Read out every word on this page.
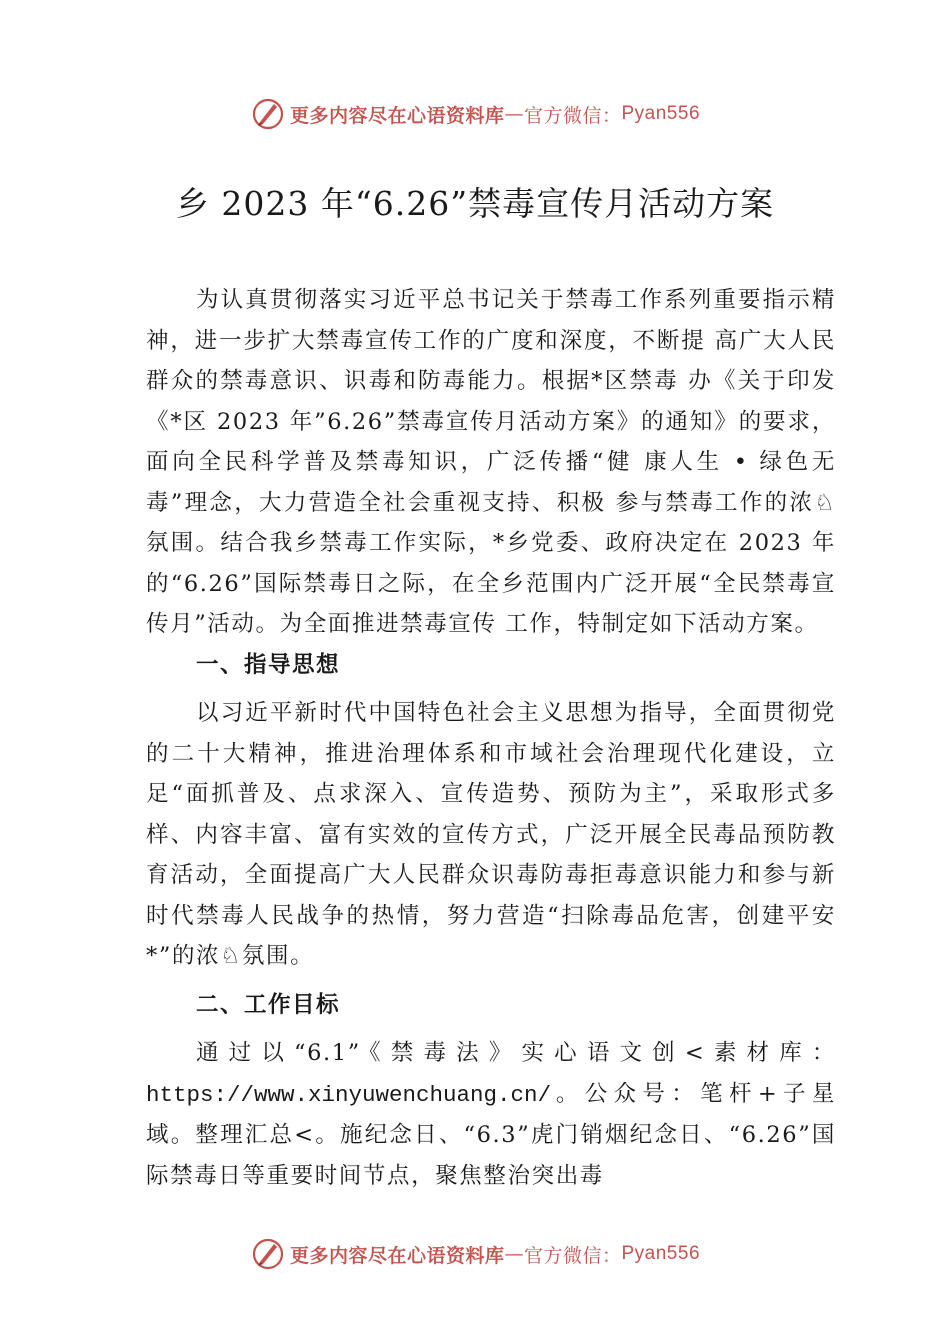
更多内容尽在心语资料库 — 官方微信： Pyan556
乡 2023 年“6.26”禁毒宣传月活动方案

为认真贯彻落实习近平总书记关于禁毒工作系列重要指示精神，进一步扩大禁毒宣传工作的广度和深度，不断提 高广大人民群众的禁毒意识、识毒和防毒能力。根据*区禁毒 办《关于印发《*区 2023 年”6.26”禁毒宣传月活动方案》的通知》的要求，面向全民科学普及禁毒知识，广泛传播“健 康人生 • 绿色无毒”理念，大力营造全社会重视支持、积极 参与禁毒工作的浓♘氛围。结合我乡禁毒工作实际，*乡党委、政府决定在 2023 年的“6.26”国际禁毒日之际，在全乡范围内广泛开展“全民禁毒宣传月”活动。为全面推进禁毒宣传 工作，特制定如下活动方案。

一、指导思想

以习近平新时代中国特色社会主义思想为指导，全面贯彻党的二十大精神，推进治理体系和市域社会治理现代化建设，立足“面抓普及、点求深入、宣传造势、预防为主”，采取形式多样、内容丰富、富有实效的宣传方式，广泛开展全民毒品预防教育活动，全面提高广大人民群众识毒防毒拒毒意识能力和参与新时代禁毒人民战争的热情，努力营造“扫除毒品危害，创建平安*”的浓♘氛围。

二、工作目标

通过以“6.1”《禁毒法》实心语文创<素材库：https://www.xinyuwenchuang.cn/。公众号：笔杆+子星域。整理汇总<。施纪念日、“6.3”虎门销烟纪念日、“6.26”国际禁毒日等重要时间节点，聚焦整治突出毒

更多内容尽在心语资料库 — 官方微信： Pyan556
